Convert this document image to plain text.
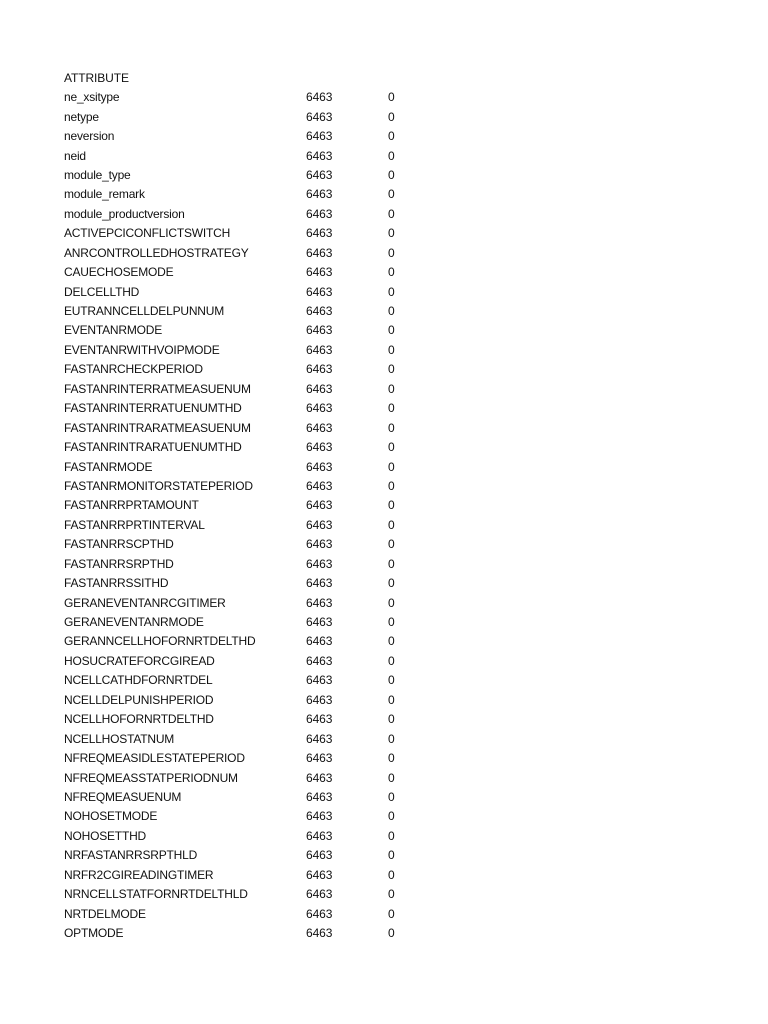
ATTRIBUTE
ne_xsitype	6463	0
netype	6463	0
neversion	6463	0
neid	6463	0
module_type	6463	0
module_remark	6463	0
module_productversion	6463	0
ACTIVEPCICONFLICTSWITCH	6463	0
ANRCONTROLLEDHOSTRATEGY	6463	0
CAUECHOSEMODE	6463	0
DELCELLTHD	6463	0
EUTRANNCELLDELPUNNUM	6463	0
EVENTANRMODE	6463	0
EVENTANRWITHVOIPMODE	6463	0
FASTANRCHECKPERIOD	6463	0
FASTANRINTERRATMEASUENUM	6463	0
FASTANRINTERRATUENUMTHD	6463	0
FASTANRINTRARATMEASUENUM	6463	0
FASTANRINTRARATUENUMTHD	6463	0
FASTANRMODE	6463	0
FASTANRMONITORSTATEPERIOD	6463	0
FASTANRRPRTAMOUNT	6463	0
FASTANRRPRTINTERVAL	6463	0
FASTANRRSCPTHD	6463	0
FASTANRRSRPTHD	6463	0
FASTANRRSSITHD	6463	0
GERANEVENTANRCGITIMER	6463	0
GERANEVENTANRMODE	6463	0
GERANNCELLHOFORNRTDELTHD	6463	0
HOSUCRATEFORCGIREAD	6463	0
NCELLCATHDFORNRTDEL	6463	0
NCELLDELPUNISHPERIOD	6463	0
NCELLHOFORNRTDELTHD	6463	0
NCELLHOSTATNUM	6463	0
NFREQMEASIDLESTATEPERIOD	6463	0
NFREQMEASSTATPERIODNUM	6463	0
NFREQMEASUENUM	6463	0
NOHOSETMODE	6463	0
NOHOSETTHD	6463	0
NRFASTANRRSRPTHLD	6463	0
NRFR2CGIREADINGTIMER	6463	0
NRNCELLSTATFORNRTDELTHLD	6463	0
NRTDELMODE	6463	0
OPTMODE	6463	0
